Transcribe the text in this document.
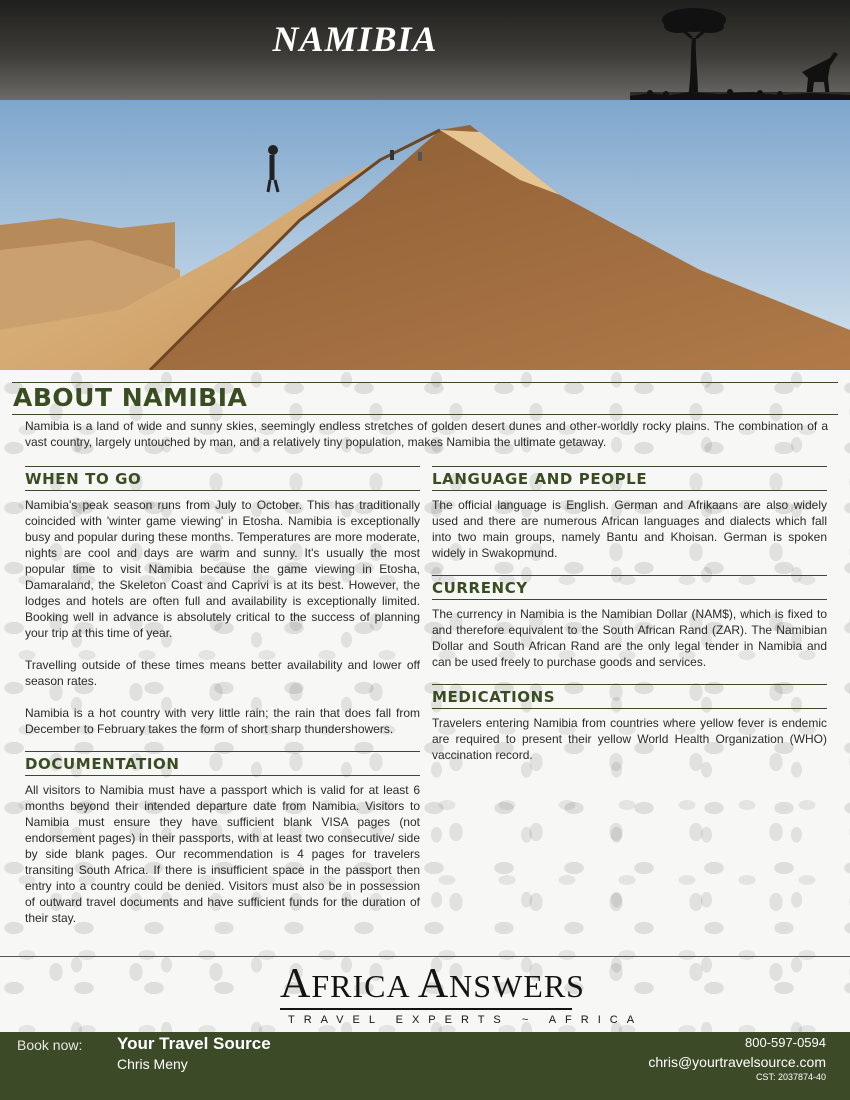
NAMIBIA
ABOUT NAMIBIA

Namibia is a land of wide and sunny skies, seemingly endless stretches of golden desert dunes and other-worldly rocky plains. The combination of a vast country, largely untouched by man, and a relatively tiny population, makes Namibia the ultimate getaway.

WHEN TO GO

Namibia's peak season runs from July to October. This has traditionally coincided with 'winter game viewing' in Etosha. Namibia is exceptionally busy and popular during these months. Temperatures are more moderate, nights are cool and days are warm and sunny. It's usually the most popular time to visit Namibia because the game viewing in Etosha, Damaraland, the Skeleton Coast and Caprivi is at its best. However, the lodges and hotels are often full and availability is exceptionally limited. Booking well in advance is absolutely critical to the success of planning your trip at this time of year.

Travelling outside of these times means better availability and lower off season rates.

Namibia is a hot country with very little rain; the rain that does fall from December to February takes the form of short sharp thundershowers.

DOCUMENTATION

All visitors to Namibia must have a passport which is valid for at least 6 months beyond their intended departure date from Namibia. Visitors to Namibia must ensure they have sufficient blank VISA pages (not endorsement pages) in their passports, with at least two consecutive/ side by side blank pages. Our recommendation is 4 pages for travelers transiting South Africa. If there is insufficient space in the passport then entry into a country could be denied. Visitors must also be in possession of outward travel documents and have sufficient funds for the duration of their stay.

LANGUAGE AND PEOPLE

The official language is English. German and Afrikaans are also widely used and there are numerous African languages and dialects which fall into two main groups, namely Bantu and Khoisan. German is spoken widely in Swakopmund.

CURRENCY

The currency in Namibia is the Namibian Dollar (NAM$), which is fixed to and therefore equivalent to the South African Rand (ZAR). The Namibian Dollar and South African Rand are the only legal tender in Namibia and can be used freely to purchase goods and services.

MEDICATIONS

Travelers entering Namibia from countries where yellow fever is endemic are required to present their yellow World Health Organization (WHO) vaccination record.

AFRICA ANSWERS
TRAVEL EXPERTS ~ AFRICA
Book now: Your Travel Source
Chris Meny
800-597-0594
chris@yourtravelsource.com
CST: 2037874-40
